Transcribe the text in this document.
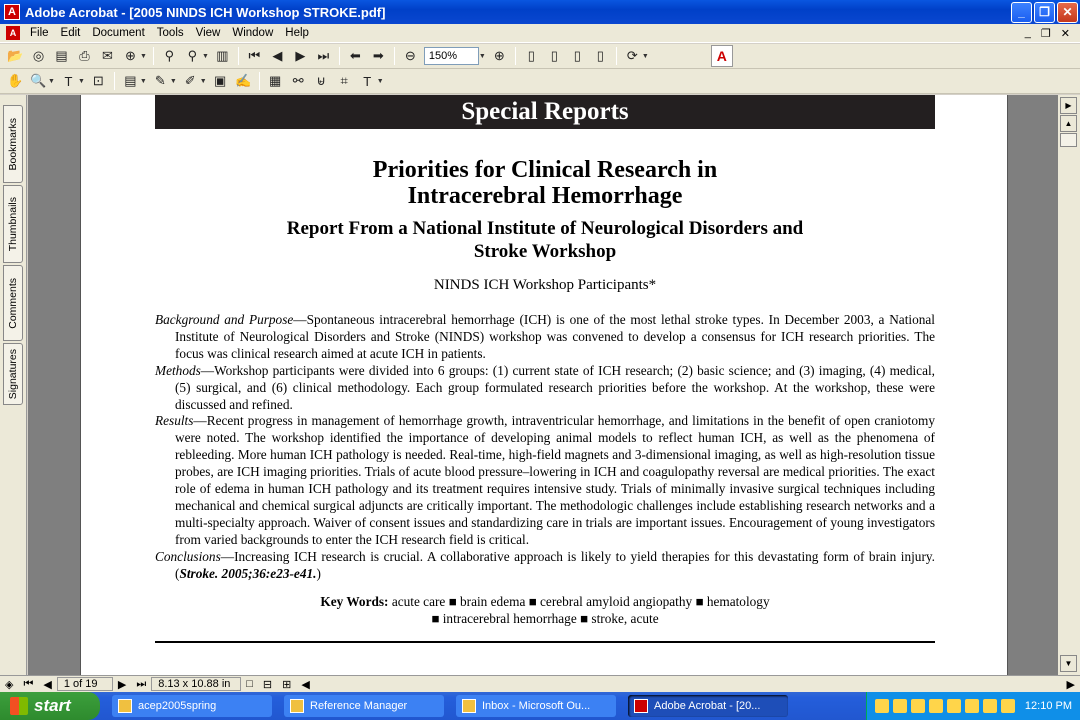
A Adobe Acrobat - [2005 NINDS ICH Workshop STROKE.pdf]	_	❐	✕
A	File	Edit	Document	Tools	View	Window	Help	_ ❐ ✕
📂 ◎ ▤ ⎙ ✉ ⊕ ▼	⚲	⚲ ▼ ▥ ⏮ ◀	▶ ⏭	⬅ ➡	⊖	150%	▼ ⊕	▯	▯	▯	▯	⟳ ▼	A
✋ 🔍 ▼ T ▼ ⊡	▤ ▼ ✎ ▼ ✐ ▼ ▣ ✍ ▦ ⚯ ⊌	⌗	T ▼
Bookmarks
Thumbnails
Comments
Signatures
Special Reports
Priorities for Clinical Research in
Intracerebral Hemorrhage
Report From a National Institute of Neurological Disorders and
Stroke Workshop
NINDS ICH Workshop Participants*
Background and Purpose—Spontaneous intracerebral hemorrhage (ICH) is one of the most lethal stroke types. In December 2003, a National Institute of Neurological Disorders and Stroke (NINDS) workshop was convened to develop a consensus for ICH research priorities. The focus was clinical research aimed at acute ICH in patients.
Methods—Workshop participants were divided into 6 groups: (1) current state of ICH research; (2) basic science; and (3) imaging, (4) medical, (5) surgical, and (6) clinical methodology. Each group formulated research priorities before the workshop. At the workshop, these were discussed and refined.
Results—Recent progress in management of hemorrhage growth, intraventricular hemorrhage, and limitations in the benefit of open craniotomy were noted. The workshop identified the importance of developing animal models to reflect human ICH, as well as the phenomena of rebleeding. More human ICH pathology is needed. Real-time, high-field magnets and 3-dimensional imaging, as well as high-resolution tissue probes, are ICH imaging priorities. Trials of acute blood pressure–lowering in ICH and coagulopathy reversal are medical priorities. The exact role of edema in human ICH pathology and its treatment requires intensive study. Trials of minimally invasive surgical techniques including mechanical and chemical surgical adjuncts are critically important. The methodologic challenges include establishing research networks and a multi-specialty approach. Waiver of consent issues and standardizing care in trials are important issues. Encouragement of young investigators from varied backgrounds to enter the ICH research field is critical.
Conclusions—Increasing ICH research is crucial. A collaborative approach is likely to yield therapies for this devastating form of brain injury. (Stroke. 2005;36:e23-e41.)
Key Words: acute care ■ brain edema ■ cerebral amyloid angiopathy ■ hematology
■ intracerebral hemorrhage ■ stroke, acute
▶
▲
▼
◈ ⏮ ◀	1 of 19	▶ ⏭	8.13 x 10.88 in	□ ⊟ ⊞ ◀	▶
start	acep2005spring	Reference Manager	Inbox - Microsoft Ou...	Adobe Acrobat - [20...	12:10 PM
